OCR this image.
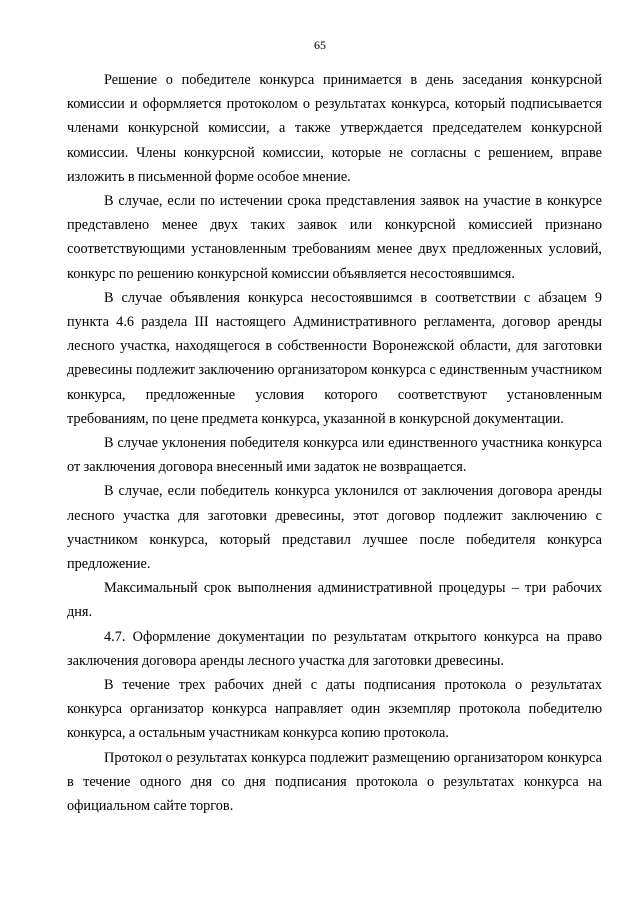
65

Решение о победителе конкурса принимается в день заседания конкурсной комиссии и оформляется протоколом о результатах конкурса, который подписывается членами конкурсной комиссии, а также утверждается председателем конкурсной комиссии. Члены конкурсной комиссии, которые не согласны с решением, вправе изложить в письменной форме особое мнение.

В случае, если по истечении срока представления заявок на участие в конкурсе представлено менее двух таких заявок или конкурсной комиссией признано соответствующими установленным требованиям менее двух предложенных условий, конкурс по решению конкурсной комиссии объявляется несостоявшимся.

В случае объявления конкурса несостоявшимся в соответствии с абзацем 9 пункта 4.6 раздела III настоящего Административного регламента, договор аренды лесного участка, находящегося в собственности Воронежской области, для заготовки древесины подлежит заключению организатором конкурса с единственным участником конкурса, предложенные условия которого соответствуют установленным требованиям, по цене предмета конкурса, указанной в конкурсной документации.

В случае уклонения победителя конкурса или единственного участника конкурса от заключения договора внесенный ими задаток не возвращается.

В случае, если победитель конкурса уклонился от заключения договора аренды лесного участка для заготовки древесины, этот договор подлежит заключению с участником конкурса, который представил лучшее после победителя конкурса предложение.

Максимальный срок выполнения административной процедуры – три рабочих дня.

4.7. Оформление документации по результатам открытого конкурса на право заключения договора аренды лесного участка для заготовки древесины.

В течение трех рабочих дней с даты подписания протокола о результатах конкурса организатор конкурса направляет один экземпляр протокола победителю конкурса, а остальным участникам конкурса копию протокола.

Протокол о результатах конкурса подлежит размещению организатором конкурса в течение одного дня со дня подписания протокола о результатах конкурса на официальном сайте торгов.
